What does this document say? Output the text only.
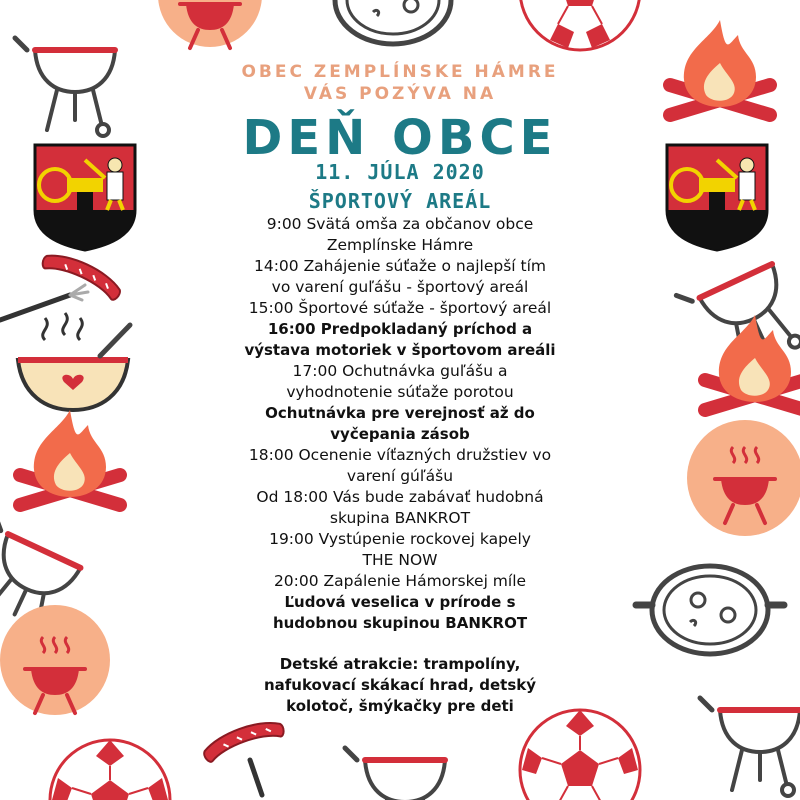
OBEC ZEMPLÍNSKE HÁMRE
VÁS POZÝVA NA
DEŇ OBCE
11. JÚLA 2020
ŠPORTOVÝ AREÁL
9:00 Svätá omša za občanov obce
Zemplínske Hámre
14:00 Zahájenie súťaže o najlepší tím
vo varení guľášu - športový areál
15:00 Športové súťaže - športový areál
16:00 Predpokladaný príchod a
výstava motoriek v športovom areáli
17:00 Ochutnávka guľášu a
vyhodnotenie súťaže porotou
Ochutnávka pre verejnosť až do
vyčepania zásob
18:00 Ocenenie víťazných družstiev vo
varení gúľášu
Od 18:00 Vás bude zabávať hudobná
skupina BANKROT
19:00 Vystúpenie rockovej kapely
THE NOW
20:00 Zapálenie Hámorskej míle
Ľudová veselica v prírode s
hudobnou skupinou BANKROT
Detské atrakcie: trampolíny,
nafukovací skákací hrad, detský
kolotoč, šmýkačky pre deti
